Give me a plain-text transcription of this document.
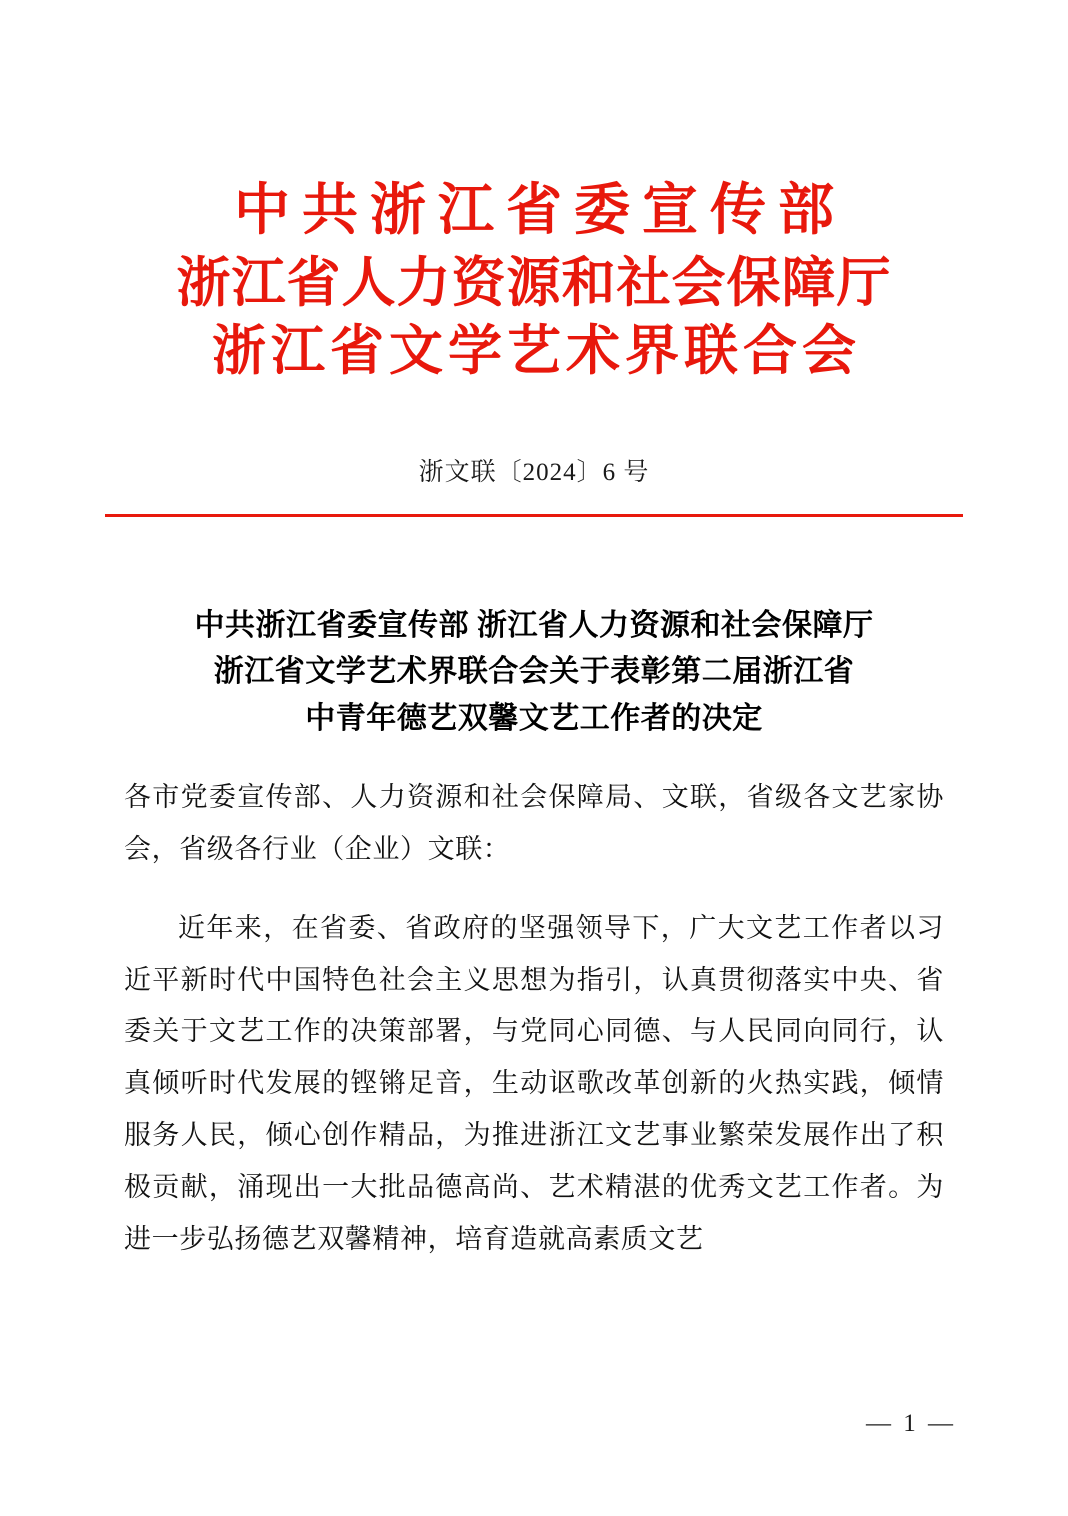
中共浙江省委宣传部
浙江省人力资源和社会保障厅
浙江省文学艺术界联合会
浙文联〔2024〕6 号
中共浙江省委宣传部 浙江省人力资源和社会保障厅
浙江省文学艺术界联合会关于表彰第二届浙江省
中青年德艺双馨文艺工作者的决定

各市党委宣传部、人力资源和社会保障局、文联，省级各文艺家协会，省级各行业（企业）文联：

近年来，在省委、省政府的坚强领导下，广大文艺工作者以习近平新时代中国特色社会主义思想为指引，认真贯彻落实中央、省委关于文艺工作的决策部署，与党同心同德、与人民同向同行，认真倾听时代发展的铿锵足音，生动讴歌改革创新的火热实践，倾情服务人民，倾心创作精品，为推进浙江文艺事业繁荣发展作出了积极贡献，涌现出一大批品德高尚、艺术精湛的优秀文艺工作者。为进一步弘扬德艺双馨精神，培育造就高素质文艺

— 1 —
